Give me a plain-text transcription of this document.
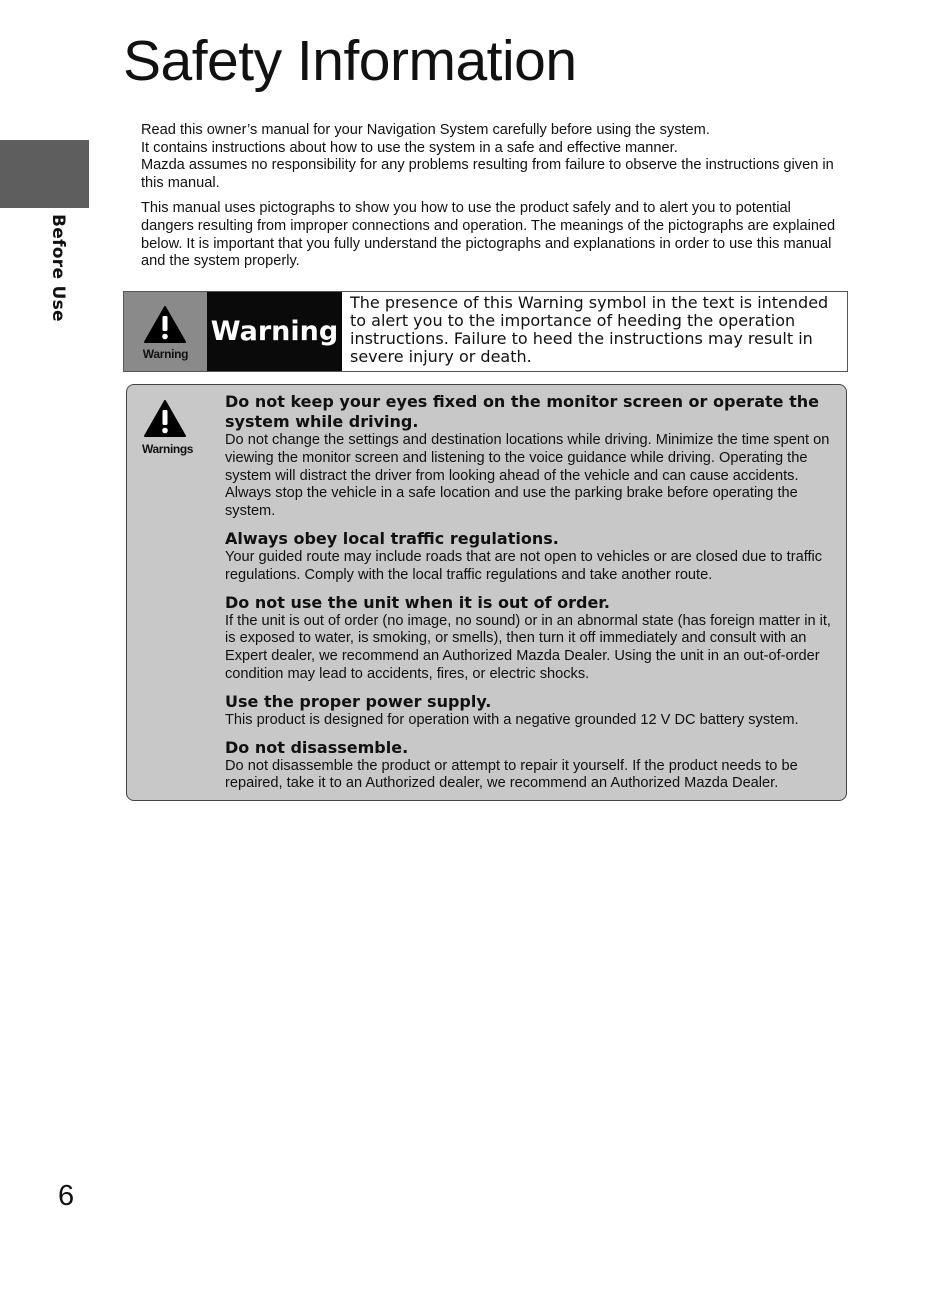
Before Use
Safety Information

Read this owner’s manual for your Navigation System carefully before using the system.
It contains instructions about how to use the system in a safe and effective manner.
Mazda assumes no responsibility for any problems resulting from failure to observe the instructions given in this manual.

This manual uses pictographs to show you how to use the product safely and to alert you to potential dangers resulting from improper connections and operation. The meanings of the pictographs are explained below. It is important that you fully understand the pictographs and explanations in order to use this manual and the system properly.

Warning
Warning
The presence of this Warning symbol in the text is intended to alert you to the importance of heeding the operation instructions. Failure to heed the instructions may result in severe injury or death.
Warnings
Do not keep your eyes fixed on the monitor screen or operate the system while driving.

Do not change the settings and destination locations while driving. Minimize the time spent on viewing the monitor screen and listening to the voice guidance while driving. Operating the system will distract the driver from looking ahead of the vehicle and can cause accidents. Always stop the vehicle in a safe location and use the parking brake before operating the system.

Always obey local traffic regulations.

Your guided route may include roads that are not open to vehicles or are closed due to traffic regulations. Comply with the local traffic regulations and take another route.

Do not use the unit when it is out of order.

If the unit is out of order (no image, no sound) or in an abnormal state (has foreign matter in it, is exposed to water, is smoking, or smells), then turn it off immediately and consult with an Expert dealer, we recommend an Authorized Mazda Dealer. Using the unit in an out-of-order condition may lead to accidents, fires, or electric shocks.

Use the proper power supply.

This product is designed for operation with a negative grounded 12 V DC battery system.

Do not disassemble.

Do not disassemble the product or attempt to repair it yourself. If the product needs to be repaired, take it to an Authorized dealer, we recommend an Authorized Mazda Dealer.

6
